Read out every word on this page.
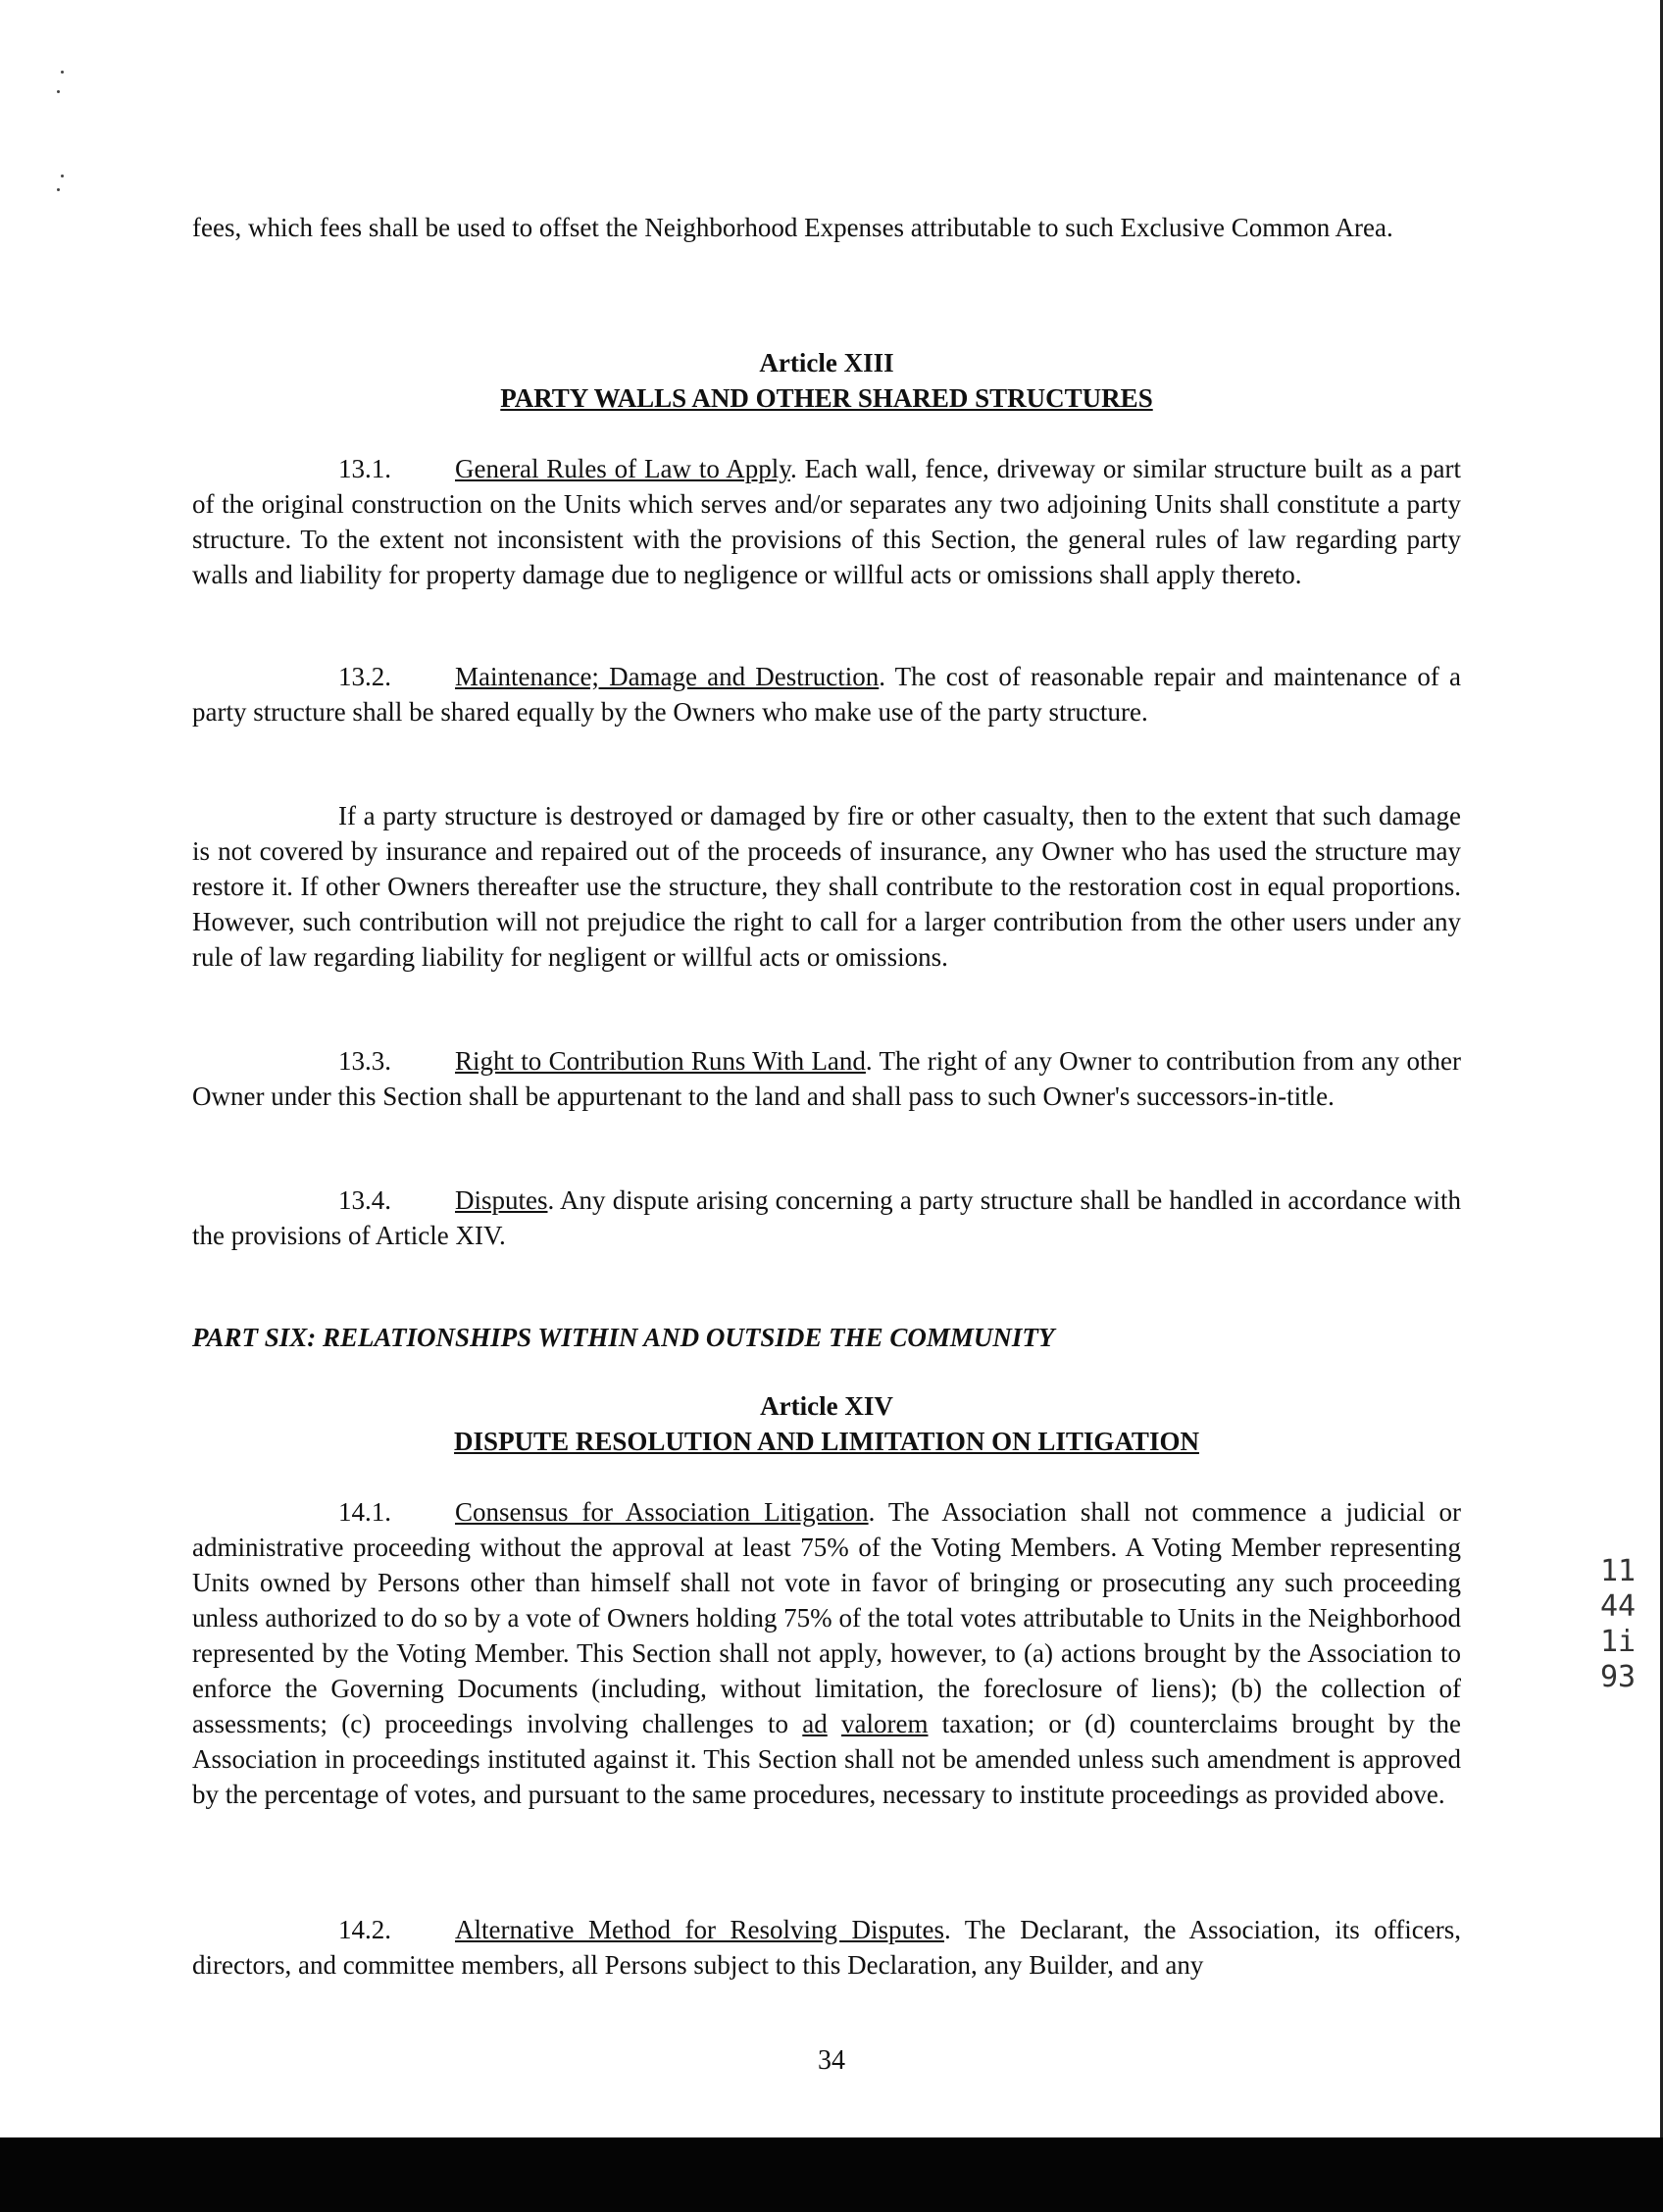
fees, which fees shall be used to offset the Neighborhood Expenses attributable to such Exclusive Common Area.
Article XIII
PARTY WALLS AND OTHER SHARED STRUCTURES
13.1. General Rules of Law to Apply. Each wall, fence, driveway or similar structure built as a part of the original construction on the Units which serves and/or separates any two adjoining Units shall constitute a party structure. To the extent not inconsistent with the provisions of this Section, the general rules of law regarding party walls and liability for property damage due to negligence or willful acts or omissions shall apply thereto.
13.2. Maintenance; Damage and Destruction. The cost of reasonable repair and maintenance of a party structure shall be shared equally by the Owners who make use of the party structure.
If a party structure is destroyed or damaged by fire or other casualty, then to the extent that such damage is not covered by insurance and repaired out of the proceeds of insurance, any Owner who has used the structure may restore it. If other Owners thereafter use the structure, they shall contribute to the restoration cost in equal proportions. However, such contribution will not prejudice the right to call for a larger contribution from the other users under any rule of law regarding liability for negligent or willful acts or omissions.
13.3. Right to Contribution Runs With Land. The right of any Owner to contribution from any other Owner under this Section shall be appurtenant to the land and shall pass to such Owner's successors-in-title.
13.4. Disputes. Any dispute arising concerning a party structure shall be handled in accordance with the provisions of Article XIV.
PART SIX: RELATIONSHIPS WITHIN AND OUTSIDE THE COMMUNITY
Article XIV
DISPUTE RESOLUTION AND LIMITATION ON LITIGATION
14.1. Consensus for Association Litigation. The Association shall not commence a judicial or administrative proceeding without the approval at least 75% of the Voting Members. A Voting Member representing Units owned by Persons other than himself shall not vote in favor of bringing or prosecuting any such proceeding unless authorized to do so by a vote of Owners holding 75% of the total votes attributable to Units in the Neighborhood represented by the Voting Member. This Section shall not apply, however, to (a) actions brought by the Association to enforce the Governing Documents (including, without limitation, the foreclosure of liens); (b) the collection of assessments; (c) proceedings involving challenges to ad valorem taxation; or (d) counterclaims brought by the Association in proceedings instituted against it. This Section shall not be amended unless such amendment is approved by the percentage of votes, and pursuant to the same procedures, necessary to institute proceedings as provided above.
14.2. Alternative Method for Resolving Disputes. The Declarant, the Association, its officers, directors, and committee members, all Persons subject to this Declaration, any Builder, and any
34
11441i93
